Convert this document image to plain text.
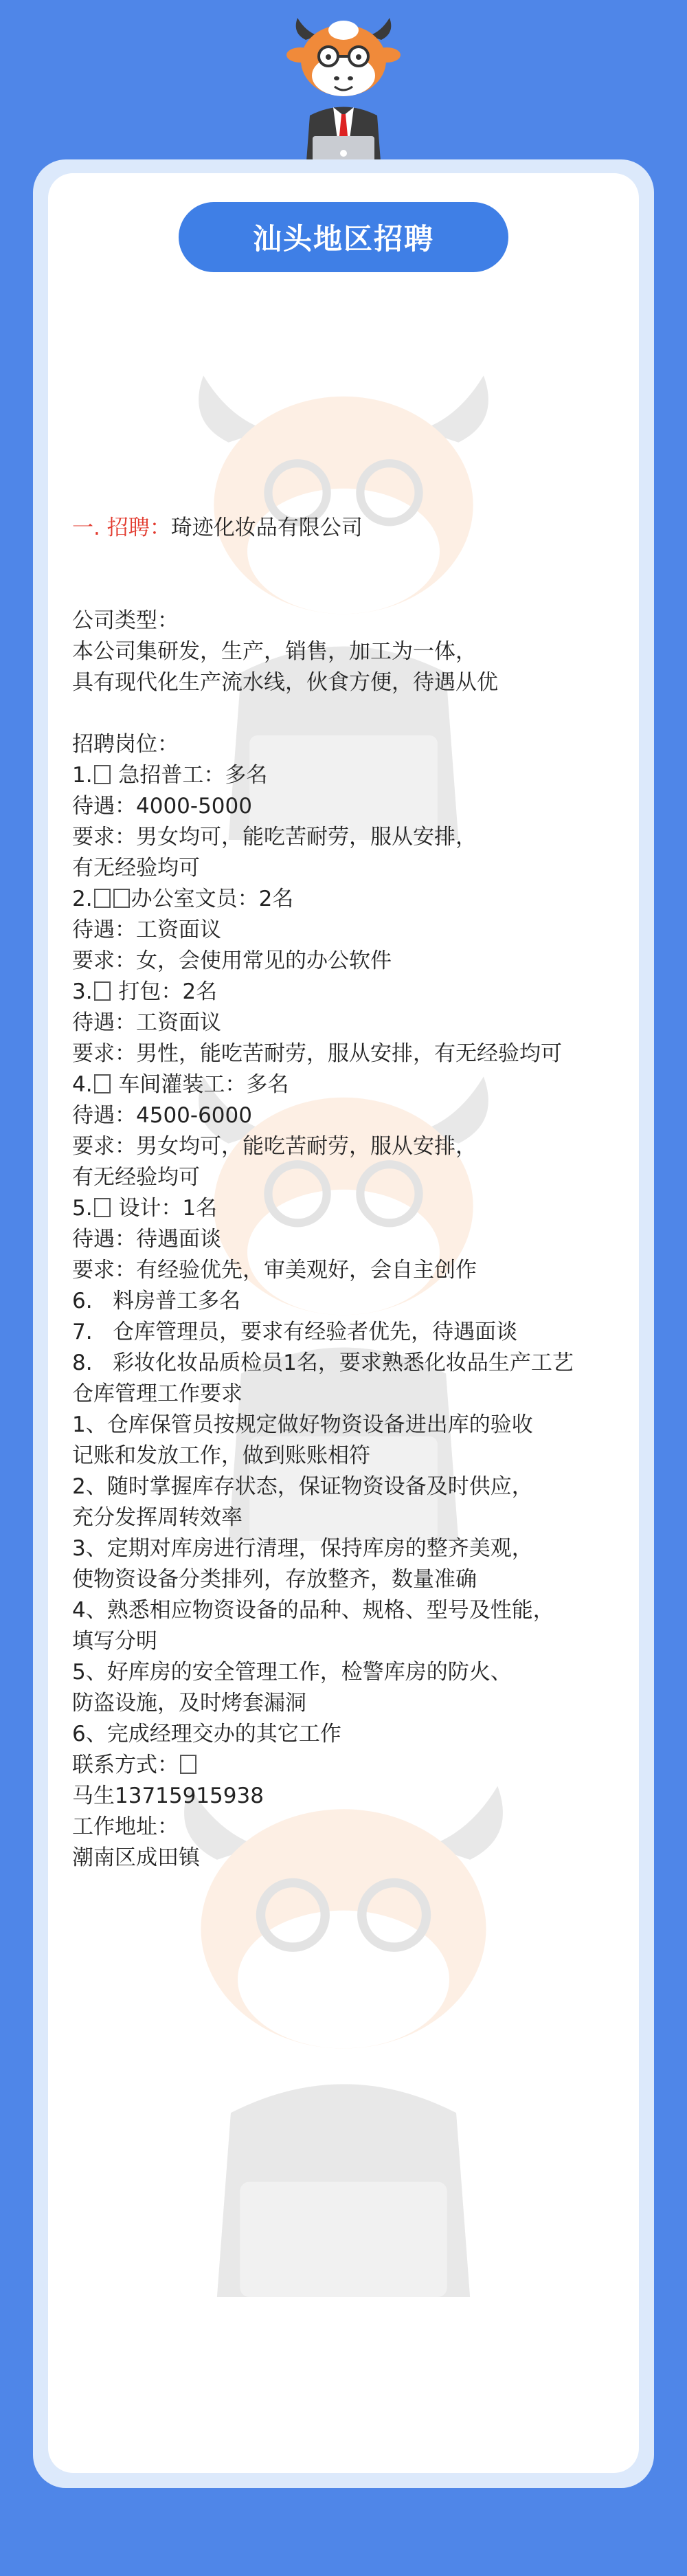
汕头地区招聘

一. 招聘：琦迹化妆品有限公司

公司类型：
本公司集研发，生产，销售，加工为一体，
具有现代化生产流水线，伙食方便，待遇从优
招聘岗位：
1. 急招普工：多名
待遇：4000-5000
要求：男女均可，能吃苦耐劳，服从安排，
有无经验均可
2. 办公室文员：2名
待遇：工资面议
要求：女，会使用常见的办公软件
3. 打包：2名
待遇：工资面议
要求：男性，能吃苦耐劳，服从安排，有无经验均可
4. 车间灌装工：多名
待遇：4500-6000
要求：男女均可，能吃苦耐劳，服从安排，
有无经验均可
5. 设计：1名
待遇：待遇面谈
要求：有经验优先，审美观好，会自主创作
6.   料房普工多名
7.   仓库管理员，要求有经验者优先，待遇面谈
8.   彩妆化妆品质检员1名，要求熟悉化妆品生产工艺
仓库管理工作要求
1、仓库保管员按规定做好物资设备进出库的验收
记账和发放工作，做到账账相符
2、随时掌握库存状态，保证物资设备及时供应，
充分发挥周转效率
3、定期对库房进行清理，保持库房的整齐美观，
使物资设备分类排列，存放整齐，数量准确
4、熟悉相应物资设备的品种、规格、型号及性能，
填写分明
5、好库房的安全管理工作，检警库房的防火、
防盗设施，及时烤套漏洞
6、完成经理交办的其它工作
联系方式：
马生13715915938
工作地址：
潮南区成田镇
